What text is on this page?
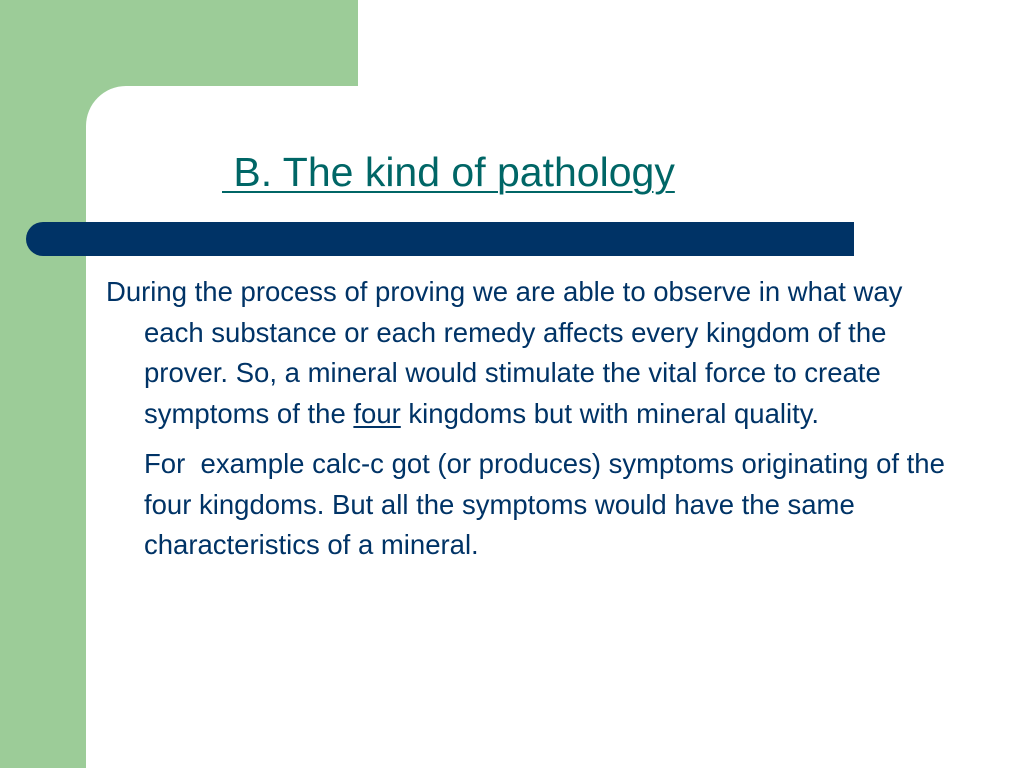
B. The kind of pathology

During the process of proving we are able to observe in what way each substance or each remedy affects every kingdom of the prover. So, a mineral would stimulate the vital force to create symptoms of the four kingdoms but with mineral quality.

For  example calc-c got (or produces) symptoms originating of the four kingdoms. But all the symptoms would have the same characteristics of a mineral.
